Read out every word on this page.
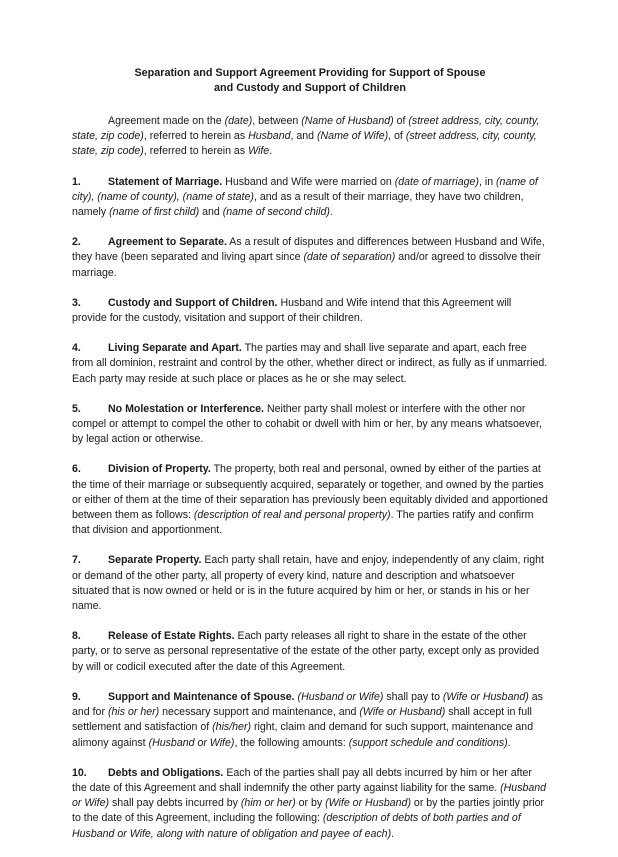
Separation and Support Agreement Providing for Support of Spouse
and Custody and Support of Children

Agreement made on the (date), between (Name of Husband) of (street address, city, county, state, zip code), referred to herein as Husband, and (Name of Wife), of (street address, city, county, state, zip code), referred to herein as Wife.

1.	Statement of Marriage. Husband and Wife were married on (date of marriage), in (name of city), (name of county), (name of state), and as a result of their marriage, they have two children, namely (name of first child) and (name of second child).

2.	Agreement to Separate. As a result of disputes and differences between Husband and Wife, they have (been separated and living apart since (date of separation) and/or agreed to dissolve their marriage.

3.	Custody and Support of Children. Husband and Wife intend that this Agreement will provide for the custody, visitation and support of their children.

4.	Living Separate and Apart. The parties may and shall live separate and apart, each free from all dominion, restraint and control by the other, whether direct or indirect, as fully as if unmarried. Each party may reside at such place or places as he or she may select.

5.	No Molestation or Interference. Neither party shall molest or interfere with the other nor compel or attempt to compel the other to cohabit or dwell with him or her, by any means whatsoever, by legal action or otherwise.

6.	Division of Property. The property, both real and personal, owned by either of the parties at the time of their marriage or subsequently acquired, separately or together, and owned by the parties or either of them at the time of their separation has previously been equitably divided and apportioned between them as follows: (description of real and personal property). The parties ratify and confirm that division and apportionment.

7.	Separate Property. Each party shall retain, have and enjoy, independently of any claim, right or demand of the other party, all property of every kind, nature and description and whatsoever situated that is now owned or held or is in the future acquired by him or her, or stands in his or her name.

8.	Release of Estate Rights. Each party releases all right to share in the estate of the other party, or to serve as personal representative of the estate of the other party, except only as provided by will or codicil executed after the date of this Agreement.

9.	Support and Maintenance of Spouse. (Husband or Wife) shall pay to (Wife or Husband) as and for (his or her) necessary support and maintenance, and (Wife or Husband) shall accept in full settlement and satisfaction of (his/her) right, claim and demand for such support, maintenance and alimony against (Husband or Wife), the following amounts: (support schedule and conditions).

10. Debts and Obligations. Each of the parties shall pay all debts incurred by him or her after the date of this Agreement and shall indemnify the other party against liability for the same. (Husband or Wife) shall pay debts incurred by (him or her) or by (Wife or Husband) or by the parties jointly prior to the date of this Agreement, including the following: (description of debts of both parties and of Husband or Wife, along with nature of obligation and payee of each).
